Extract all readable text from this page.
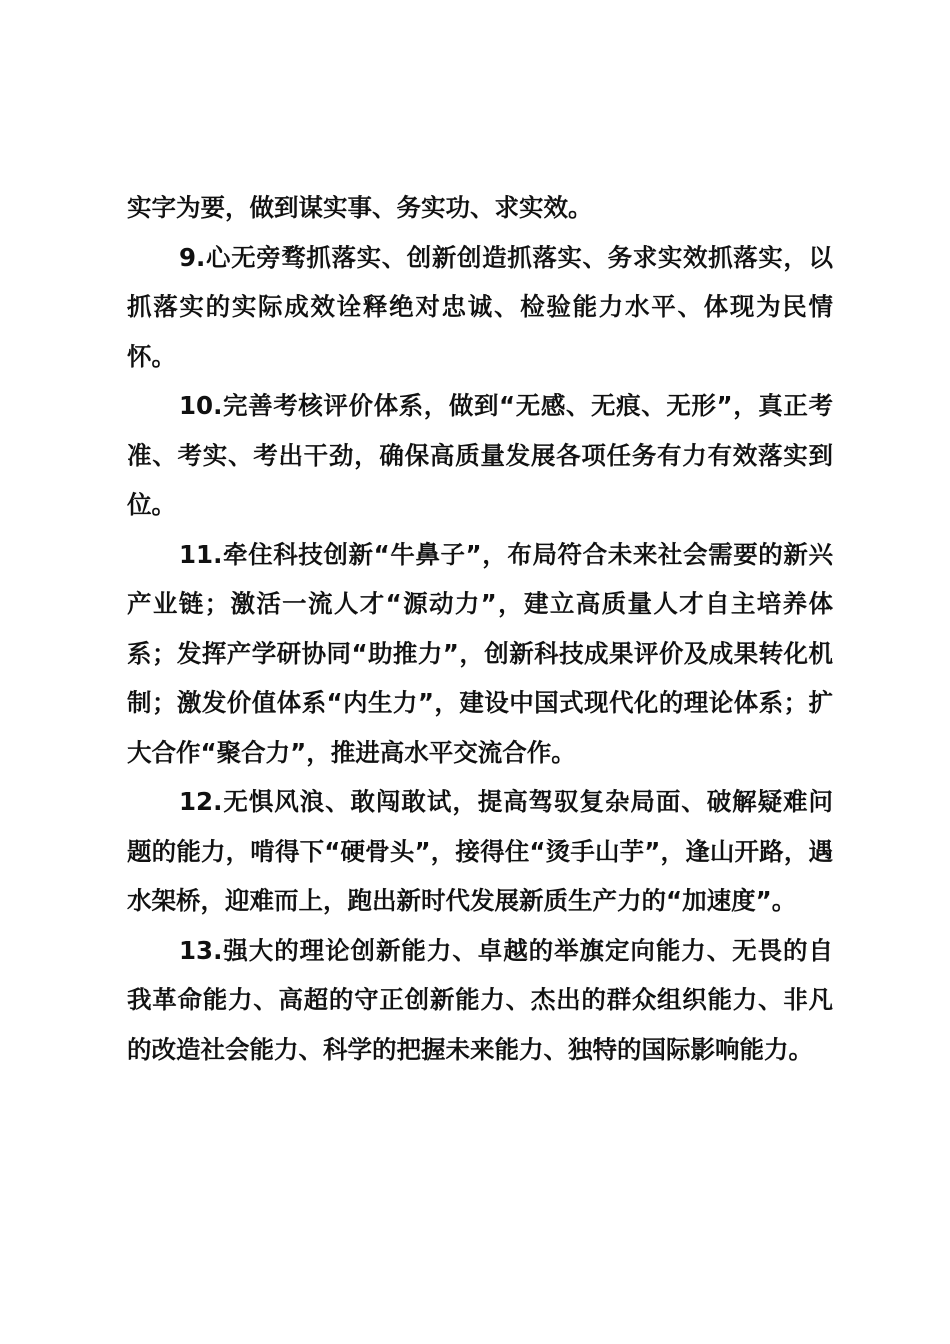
实字为要，做到谋实事、务实功、求实效。

9.心无旁骛抓落实、创新创造抓落实、务求实效抓落实，以抓落实的实际成效诠释绝对忠诚、检验能力水平、体现为民情怀。

10.完善考核评价体系，做到“无感、无痕、无形”，真正考准、考实、考出干劲，确保高质量发展各项任务有力有效落实到位。

11.牵住科技创新“牛鼻子”，布局符合未来社会需要的新兴产业链；激活一流人才“源动力”，建立高质量人才自主培养体系；发挥产学研协同“助推力”，创新科技成果评价及成果转化机制；激发价值体系“内生力”，建设中国式现代化的理论体系；扩大合作“聚合力”，推进高水平交流合作。

12.无惧风浪、敢闯敢试，提高驾驭复杂局面、破解疑难问题的能力，啃得下“硬骨头”，接得住“烫手山芋”，逢山开路，遇水架桥，迎难而上，跑出新时代发展新质生产力的“加速度”。

13.强大的理论创新能力、卓越的举旗定向能力、无畏的自我革命能力、高超的守正创新能力、杰出的群众组织能力、非凡的改造社会能力、科学的把握未来能力、独特的国际影响能力。
